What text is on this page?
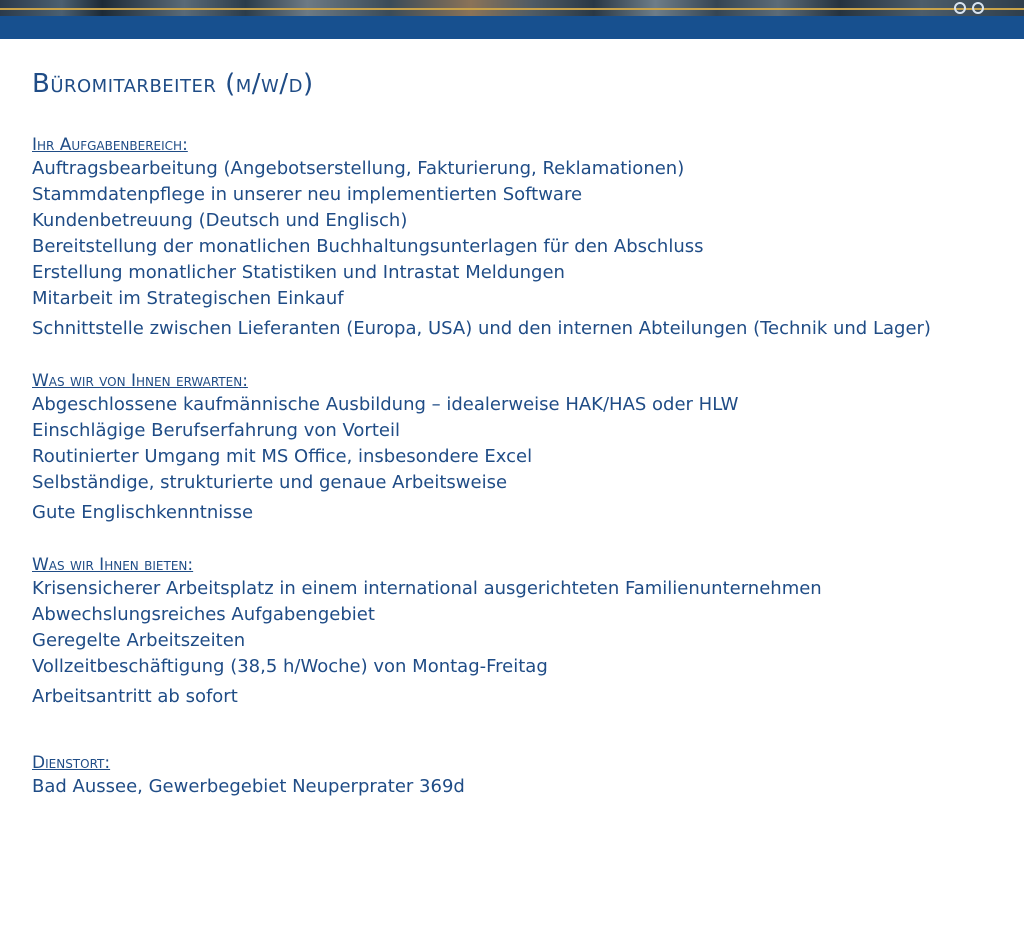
Büromitarbeiter (m/w/d)
Ihr Aufgabenbereich:
Auftragsbearbeitung (Angebotserstellung, Fakturierung, Reklamationen)
Stammdatenpflege in unserer neu implementierten Software
Kundenbetreuung (Deutsch und Englisch)
Bereitstellung der monatlichen Buchhaltungsunterlagen für den Abschluss
Erstellung monatlicher Statistiken und Intrastat Meldungen
Mitarbeit im Strategischen Einkauf
Schnittstelle zwischen Lieferanten (Europa, USA) und den internen Abteilungen (Technik und Lager)
Was wir von Ihnen erwarten:
Abgeschlossene kaufmännische Ausbildung – idealerweise HAK/HAS oder HLW
Einschlägige Berufserfahrung von Vorteil
Routinierter Umgang mit MS Office, insbesondere Excel
Selbständige, strukturierte und genaue Arbeitsweise
Gute Englischkenntnisse
Was wir Ihnen bieten:
Krisensicherer Arbeitsplatz in einem international ausgerichteten Familienunternehmen
Abwechslungsreiches Aufgabengebiet
Geregelte Arbeitszeiten
Vollzeitbeschäftigung (38,5 h/Woche) von Montag-Freitag
Arbeitsantritt ab sofort
Dienstort:
Bad Aussee, Gewerbegebiet Neuperprater 369d
